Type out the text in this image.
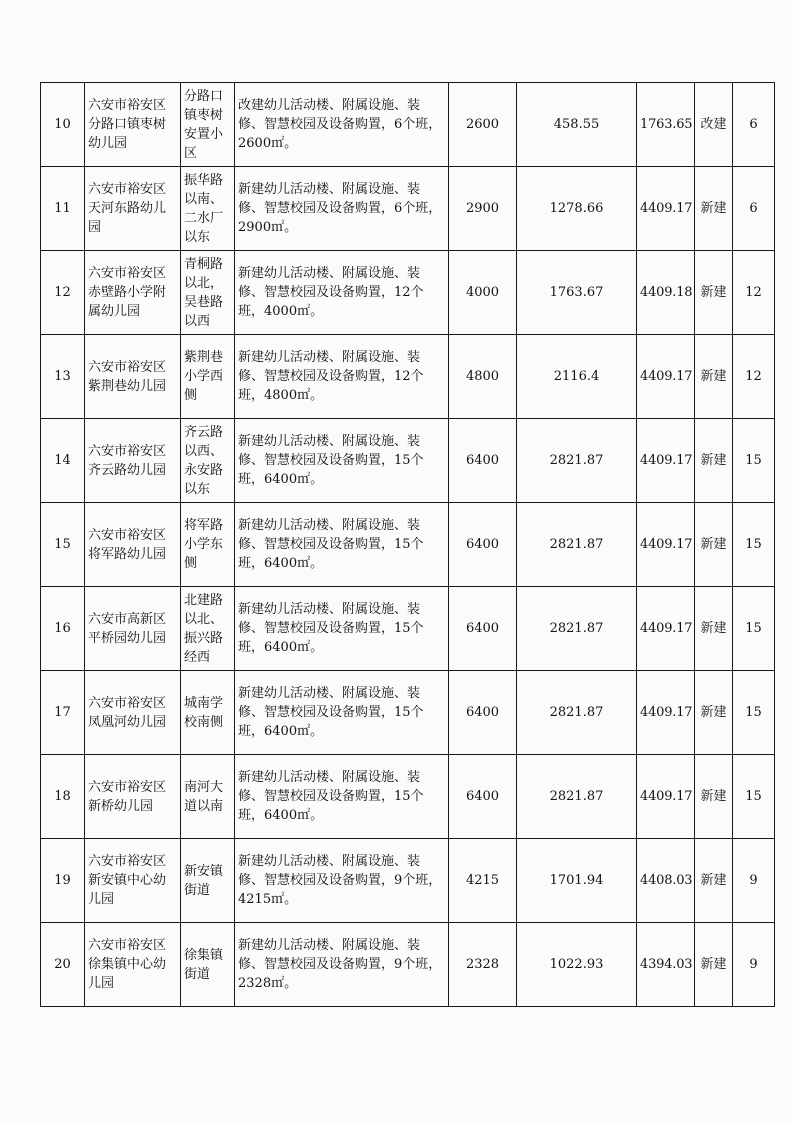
10	六安市裕安区分路口镇枣树幼儿园	分路口镇枣树安置小区	改建幼儿活动楼、附属设施、装修、智慧校园及设备购置，6个班，2600㎡。	2600	458.55	1763.65	改建	6
11	六安市裕安区天河东路幼儿园	振华路以南、二水厂以东	新建幼儿活动楼、附属设施、装修、智慧校园及设备购置，6个班，2900㎡。	2900	1278.66	4409.17	新建	6
12	六安市裕安区赤壁路小学附属幼儿园	青桐路以北，吴巷路以西	新建幼儿活动楼、附属设施、装修、智慧校园及设备购置，12个班，4000㎡。	4000	1763.67	4409.18	新建	12
13	六安市裕安区紫荆巷幼儿园	紫荆巷小学西侧	新建幼儿活动楼、附属设施、装修、智慧校园及设备购置，12个班，4800㎡。	4800	2116.4	4409.17	新建	12
14	六安市裕安区齐云路幼儿园	齐云路以西、永安路以东	新建幼儿活动楼、附属设施、装修、智慧校园及设备购置，15个班，6400㎡。	6400	2821.87	4409.17	新建	15
15	六安市裕安区将军路幼儿园	将军路小学东侧	新建幼儿活动楼、附属设施、装修、智慧校园及设备购置，15个班，6400㎡。	6400	2821.87	4409.17	新建	15
16	六安市高新区平桥园幼儿园	北建路以北、振兴路经西	新建幼儿活动楼、附属设施、装修、智慧校园及设备购置，15个班，6400㎡。	6400	2821.87	4409.17	新建	15
17	六安市裕安区凤凰河幼儿园	城南学校南侧	新建幼儿活动楼、附属设施、装修、智慧校园及设备购置，15个班，6400㎡。	6400	2821.87	4409.17	新建	15
18	六安市裕安区新桥幼儿园	南河大道以南	新建幼儿活动楼、附属设施、装修、智慧校园及设备购置，15个班，6400㎡。	6400	2821.87	4409.17	新建	15
19	六安市裕安区新安镇中心幼儿园	新安镇街道	新建幼儿活动楼、附属设施、装修、智慧校园及设备购置，9个班，4215㎡。	4215	1701.94	4408.03	新建	9
20	六安市裕安区徐集镇中心幼儿园	徐集镇街道	新建幼儿活动楼、附属设施、装修、智慧校园及设备购置，9个班，2328㎡。	2328	1022.93	4394.03	新建	9
